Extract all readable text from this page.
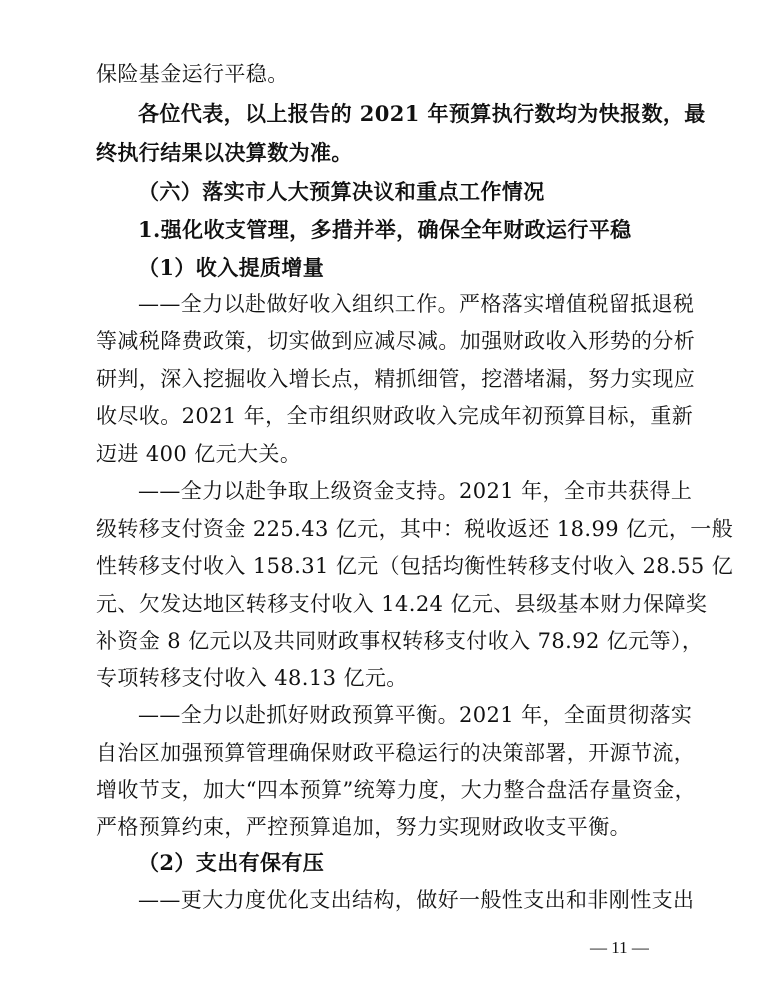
保险基金运行平稳。
各位代表，以上报告的 2021 年预算执行数均为快报数，最
终执行结果以决算数为准。
（六）落实市人大预算决议和重点工作情况
1.强化收支管理，多措并举，确保全年财政运行平稳
（1）收入提质增量
——全力以赴做好收入组织工作。严格落实增值税留抵退税
等减税降费政策，切实做到应减尽减。加强财政收入形势的分析
研判，深入挖掘收入增长点，精抓细管，挖潜堵漏，努力实现应
收尽收。2021 年，全市组织财政收入完成年初预算目标，重新
迈进 400 亿元大关。
——全力以赴争取上级资金支持。2021 年，全市共获得上
级转移支付资金 225.43 亿元，其中：税收返还 18.99 亿元，一般
性转移支付收入 158.31 亿元（包括均衡性转移支付收入 28.55 亿
元、欠发达地区转移支付收入 14.24 亿元、县级基本财力保障奖
补资金 8 亿元以及共同财政事权转移支付收入 78.92 亿元等），
专项转移支付收入 48.13 亿元。
——全力以赴抓好财政预算平衡。2021 年，全面贯彻落实
自治区加强预算管理确保财政平稳运行的决策部署，开源节流，
增收节支，加大“四本预算”统筹力度，大力整合盘活存量资金，
严格预算约束，严控预算追加，努力实现财政收支平衡。
（2）支出有保有压
——更大力度优化支出结构，做好一般性支出和非刚性支出
— 11 —
